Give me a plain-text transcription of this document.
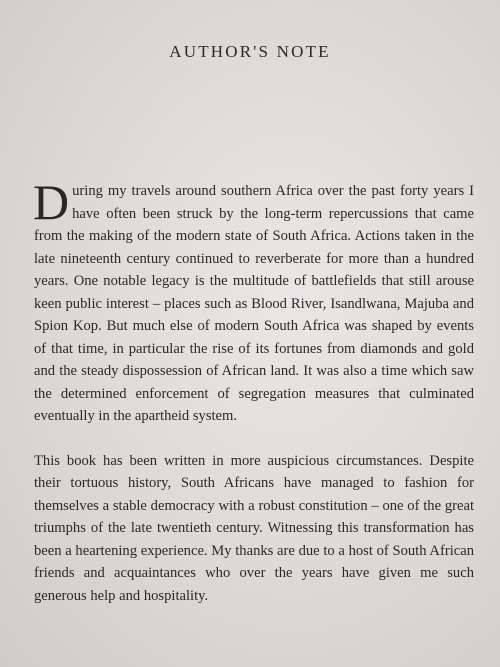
AUTHOR'S NOTE

During my travels around southern Africa over the past forty years I have often been struck by the long-term repercussions that came from the making of the modern state of South Africa. Actions taken in the late nineteenth century continued to reverberate for more than a hundred years. One notable legacy is the multitude of battlefields that still arouse keen public interest – places such as Blood River, Isandlwana, Majuba and Spion Kop. But much else of modern South Africa was shaped by events of that time, in particular the rise of its fortunes from diamonds and gold and the steady dispossession of African land. It was also a time which saw the determined enforcement of segregation measures that culminated eventually in the apartheid system.

This book has been written in more auspicious circumstances. Despite their tortuous history, South Africans have managed to fashion for themselves a stable democracy with a robust constitution – one of the great triumphs of the late twentieth century. Witnessing this transformation has been a heartening experience. My thanks are due to a host of South African friends and acquaintances who over the years have given me such generous help and hospitality.
